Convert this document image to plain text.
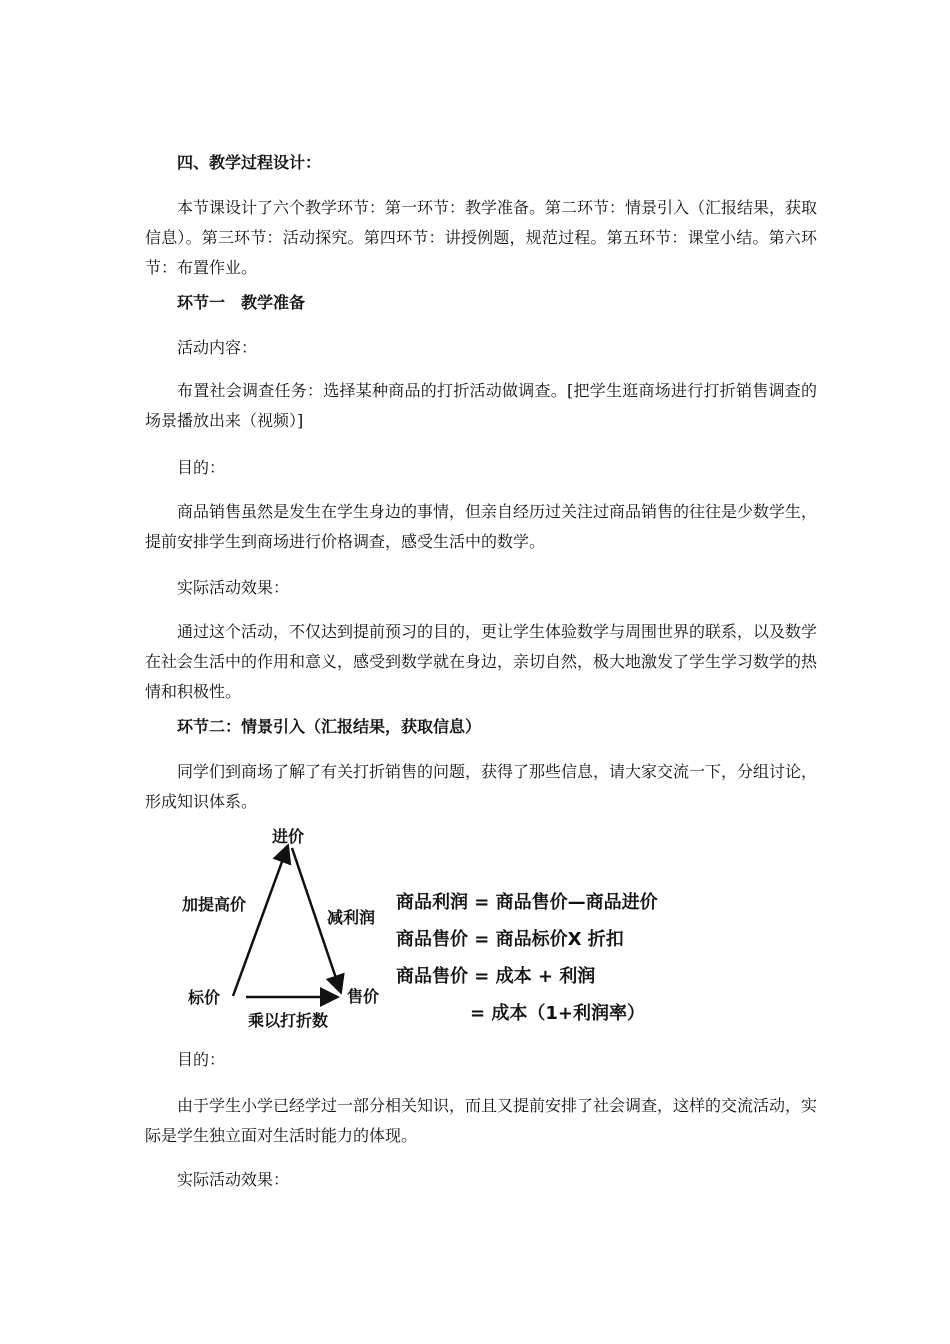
四、教学过程设计：

本节课设计了六个教学环节：第一环节：教学准备。第二环节：情景引入（汇报结果，获取信息）。第三环节：活动探究。第四环节：讲授例题，规范过程。第五环节：课堂小结。第六环节：布置作业。

环节一　教学准备

活动内容：

布置社会调查任务：选择某种商品的打折活动做调查。[把学生逛商场进行打折销售调查的场景播放出来（视频）]

目的：

商品销售虽然是发生在学生身边的事情，但亲自经历过关注过商品销售的往往是少数学生，提前安排学生到商场进行价格调查，感受生活中的数学。

实际活动效果：

通过这个活动，不仅达到提前预习的目的，更让学生体验数学与周围世界的联系，以及数学在社会生活中的作用和意义，感受到数学就在身边，亲切自然，极大地激发了学生学习数学的热情和积极性。

环节二：情景引入（汇报结果，获取信息）

同学们到商场了解了有关打折销售的问题，获得了那些信息，请大家交流一下，分组讨论，形成知识体系。

进价
加提高价
减利润
标价	售价
乘以打折数
商品利润 = 商品售价—商品进价
商品售价 = 商品标价X 折扣
商品售价 = 成本 + 利润
= 成本（1+利润率）

目的：

由于学生小学已经学过一部分相关知识，而且又提前安排了社会调查，这样的交流活动，实际是学生独立面对生活时能力的体现。

实际活动效果：
